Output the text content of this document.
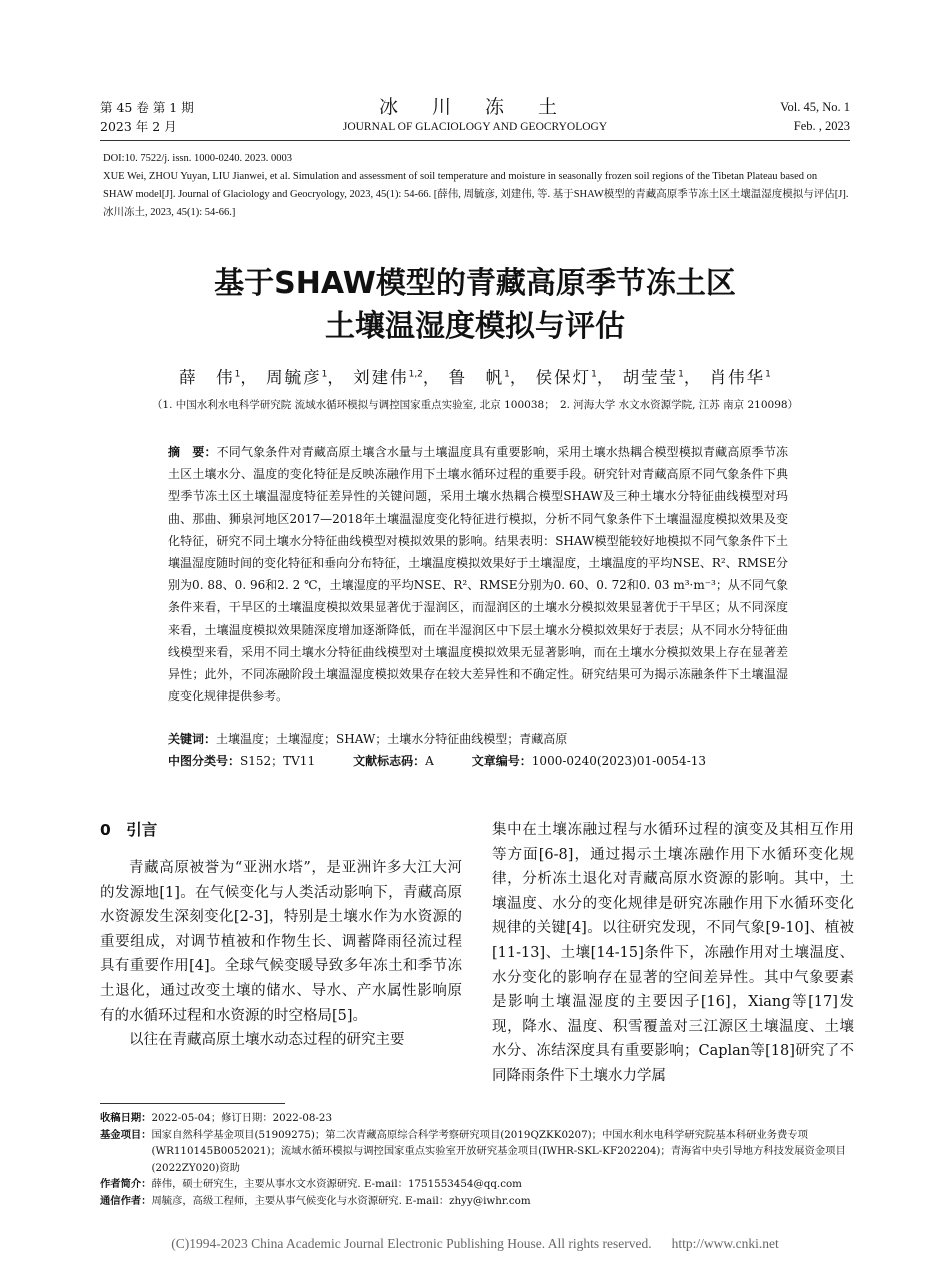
第 45 卷 第 1 期
2023 年 2 月
冰 川 冻 土
JOURNAL OF GLACIOLOGY AND GEOCRYOLOGY
Vol. 45, No. 1
Feb. , 2023
DOI:10. 7522/j. issn. 1000-0240. 2023. 0003
XUE Wei, ZHOU Yuyan, LIU Jianwei, et al. Simulation and assessment of soil temperature and moisture in seasonally frozen soil regions of the Tibetan Plateau based on SHAW model[J]. Journal of Glaciology and Geocryology, 2023, 45(1): 54-66. [薛伟, 周毓彦, 刘建伟, 等. 基于SHAW模型的青藏高原季节冻土区土壤温湿度模拟与评估[J]. 冰川冻土, 2023, 45(1): 54-66.]
基于SHAW模型的青藏高原季节冻土区
土壤温湿度模拟与评估
薛　伟$^1$， 周毓彦$^1$， 刘建伟$^{1,2}$， 鲁　帆$^1$， 侯保灯$^1$， 胡莹莹$^1$， 肖伟华$^1$
（1. 中国水利水电科学研究院 流域水循环模拟与调控国家重点实验室, 北京 100038；　2. 河海大学 水文水资源学院, 江苏 南京 210098）
摘　要：不同气象条件对青藏高原土壤含水量与土壤温度具有重要影响，采用土壤水热耦合模型模拟青藏高原季节冻土区土壤水分、温度的变化特征是反映冻融作用下土壤水循环过程的重要手段。研究针对青藏高原不同气象条件下典型季节冻土区土壤温湿度特征差异性的关键问题，采用土壤水热耦合模型SHAW及三种土壤水分特征曲线模型对玛曲、那曲、狮泉河地区2017—2018年土壤温湿度变化特征进行模拟，分析不同气象条件下土壤温湿度模拟效果及变化特征，研究不同土壤水分特征曲线模型对模拟效果的影响。结果表明：SHAW模型能较好地模拟不同气象条件下土壤温湿度随时间的变化特征和垂向分布特征，土壤温度模拟效果好于土壤湿度，土壤温度的平均NSE、R²、RMSE分别为0. 88、0. 96和2. 2 ℃，土壤湿度的平均NSE、R²、RMSE分别为0. 60、0. 72和0. 03 m³·m⁻³；从不同气象条件来看，干旱区的土壤温度模拟效果显著优于湿润区，而湿润区的土壤水分模拟效果显著优于干旱区；从不同深度来看，土壤温度模拟效果随深度增加逐渐降低，而在半湿润区中下层土壤水分模拟效果好于表层；从不同水分特征曲线模型来看，采用不同土壤水分特征曲线模型对土壤温度模拟效果无显著影响，而在土壤水分模拟效果上存在显著差异性；此外，不同冻融阶段土壤温湿度模拟效果存在较大差异性和不确定性。研究结果可为揭示冻融条件下土壤温湿度变化规律提供参考。
关键词：土壤温度；土壤湿度；SHAW；土壤水分特征曲线模型；青藏高原
中图分类号：S152；TV11	文献标志码：A	文章编号：1000-0240(2023)01-0054-13
0　引言

青藏高原被誉为“亚洲水塔”，是亚洲许多大江大河的发源地[1]。在气候变化与人类活动影响下，青藏高原水资源发生深刻变化[2-3]，特别是土壤水作为水资源的重要组成，对调节植被和作物生长、调蓄降雨径流过程具有重要作用[4]。全球气候变暖导致多年冻土和季节冻土退化，通过改变土壤的储水、导水、产水属性影响原有的水循环过程和水资源的时空格局[5]。

以往在青藏高原土壤水动态过程的研究主要

集中在土壤冻融过程与水循环过程的演变及其相互作用等方面[6-8]，通过揭示土壤冻融作用下水循环变化规律，分析冻土退化对青藏高原水资源的影响。其中，土壤温度、水分的变化规律是研究冻融作用下水循环变化规律的关键[4]。以往研究发现，不同气象[9-10]、植被[11-13]、土壤[14-15]条件下，冻融作用对土壤温度、水分变化的影响存在显著的空间差异性。其中气象要素是影响土壤温湿度的主要因子[16]，Xiang等[17]发现，降水、温度、积雪覆盖对三江源区土壤温度、土壤水分、冻结深度具有重要影响；Caplan等[18]研究了不同降雨条件下土壤水力学属

收稿日期： 2022-05-04；修订日期：2022-08-23
基金项目： 国家自然科学基金项目(51909275)；第二次青藏高原综合科学考察研究项目(2019QZKK0207)；中国水利水电科学研究院基本科研业务费专项(WR110145B0052021)；流域水循环模拟与调控国家重点实验室开放研究基金项目(IWHR-SKL-KF202204)；青海省中央引导地方科技发展资金项目(2022ZY020)资助
作者简介： 薛伟，硕士研究生，主要从事水文水资源研究. E-mail：1751553454@qq.com
通信作者： 周毓彦，高级工程师，主要从事气候变化与水资源研究. E-mail：zhyy@iwhr.com
(C)1994-2023 China Academic Journal Electronic Publishing House. All rights reserved. http://www.cnki.net
